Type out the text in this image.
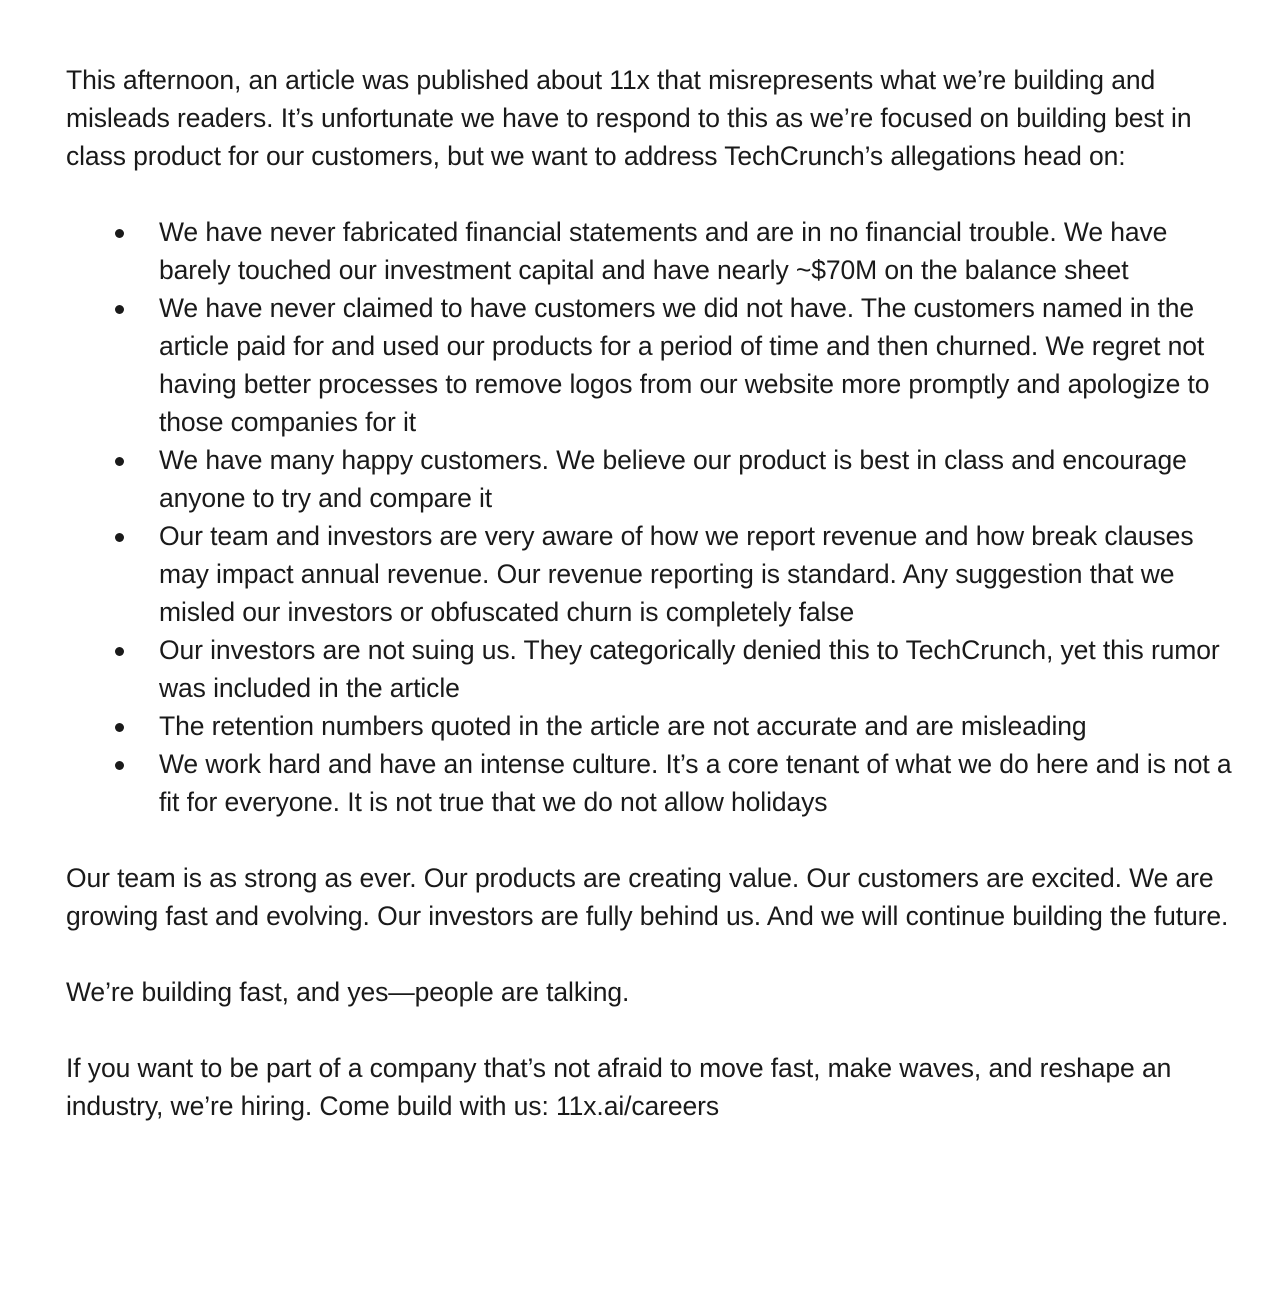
This afternoon, an article was published about 11x that misrepresents what we’re building and misleads readers. It’s unfortunate we have to respond to this as we’re focused on building best in class product for our customers, but we want to address TechCrunch’s allegations head on:

We have never fabricated financial statements and are in no financial trouble. We have barely touched our investment capital and have nearly ~$70M on the balance sheet
We have never claimed to have customers we did not have. The customers named in the article paid for and used our products for a period of time and then churned. We regret not having better processes to remove logos from our website more promptly and apologize to those companies for it
We have many happy customers. We believe our product is best in class and encourage anyone to try and compare it
Our team and investors are very aware of how we report revenue and how break clauses may impact annual revenue. Our revenue reporting is standard. Any suggestion that we misled our investors or obfuscated churn is completely false
Our investors are not suing us. They categorically denied this to TechCrunch, yet this rumor was included in the article
The retention numbers quoted in the article are not accurate and are misleading
We work hard and have an intense culture. It’s a core tenant of what we do here and is not a fit for everyone. It is not true that we do not allow holidays

Our team is as strong as ever. Our products are creating value. Our customers are excited. We are growing fast and evolving. Our investors are fully behind us. And we will continue building the future.

We’re building fast, and yes—people are talking.

If you want to be part of a company that’s not afraid to move fast, make waves, and reshape an industry, we’re hiring. Come build with us: 11x.ai/careers
